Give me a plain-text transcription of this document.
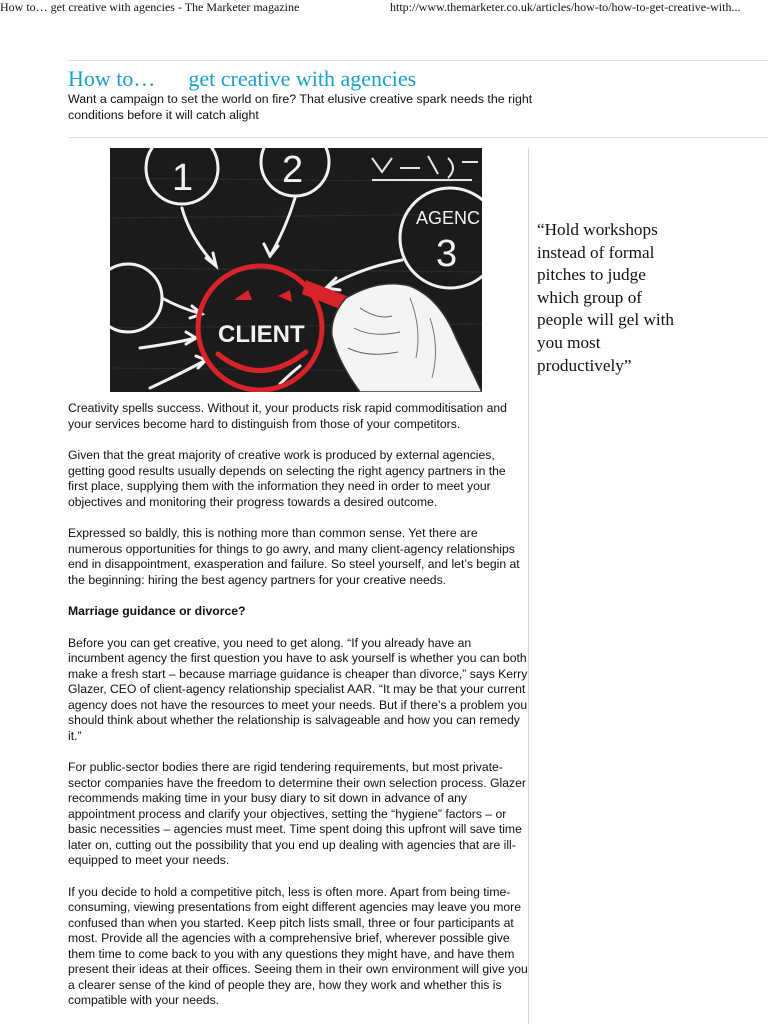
How to… get creative with agencies - The Marketer magazine	http://www.themarketer.co.uk/articles/how-to/how-to-get-creative-with...
How to…      get creative with agencies

Want a campaign to set the world on fire? That elusive creative spark needs the right conditions before it will catch alight

1 2
AGENC
3
CLIENT

“Hold workshops instead of formal pitches to judge which group of people will gel with you most productively”

Creativity spells success. Without it, your products risk rapid commoditisation and your services become hard to distinguish from those of your competitors.

Given that the great majority of creative work is produced by external agencies, getting good results usually depends on selecting the right agency partners in the first place, supplying them with the information they need in order to meet your objectives and monitoring their progress towards a desired outcome.

Expressed so baldly, this is nothing more than common sense. Yet there are numerous opportunities for things to go awry, and many client-agency relationships end in disappointment, exasperation and failure. So steel yourself, and let’s begin at the beginning: hiring the best agency partners for your creative needs.

Marriage guidance or divorce?

Before you can get creative, you need to get along. “If you already have an incumbent agency the first question you have to ask yourself is whether you can both make a fresh start – because marriage guidance is cheaper than divorce,” says Kerry Glazer, CEO of client-agency relationship specialist AAR. “It may be that your current agency does not have the resources to meet your needs. But if there’s a problem you should think about whether the relationship is salvageable and how you can remedy it.”

For public-sector bodies there are rigid tendering requirements, but most private-sector companies have the freedom to determine their own selection process. Glazer recommends making time in your busy diary to sit down in advance of any appointment process and clarify your objectives, setting the “hygiene” factors – or basic necessities – agencies must meet. Time spent doing this upfront will save time later on, cutting out the possibility that you end up dealing with agencies that are ill-equipped to meet your needs.

If you decide to hold a competitive pitch, less is often more. Apart from being time-consuming, viewing presentations from eight different agencies may leave you more confused than when you started. Keep pitch lists small, three or four participants at most. Provide all the agencies with a comprehensive brief, wherever possible give them time to come back to you with any questions they might have, and have them present their ideas at their offices. Seeing them in their own environment will give you a clearer sense of the kind of people they are, how they work and whether this is compatible with your needs.
